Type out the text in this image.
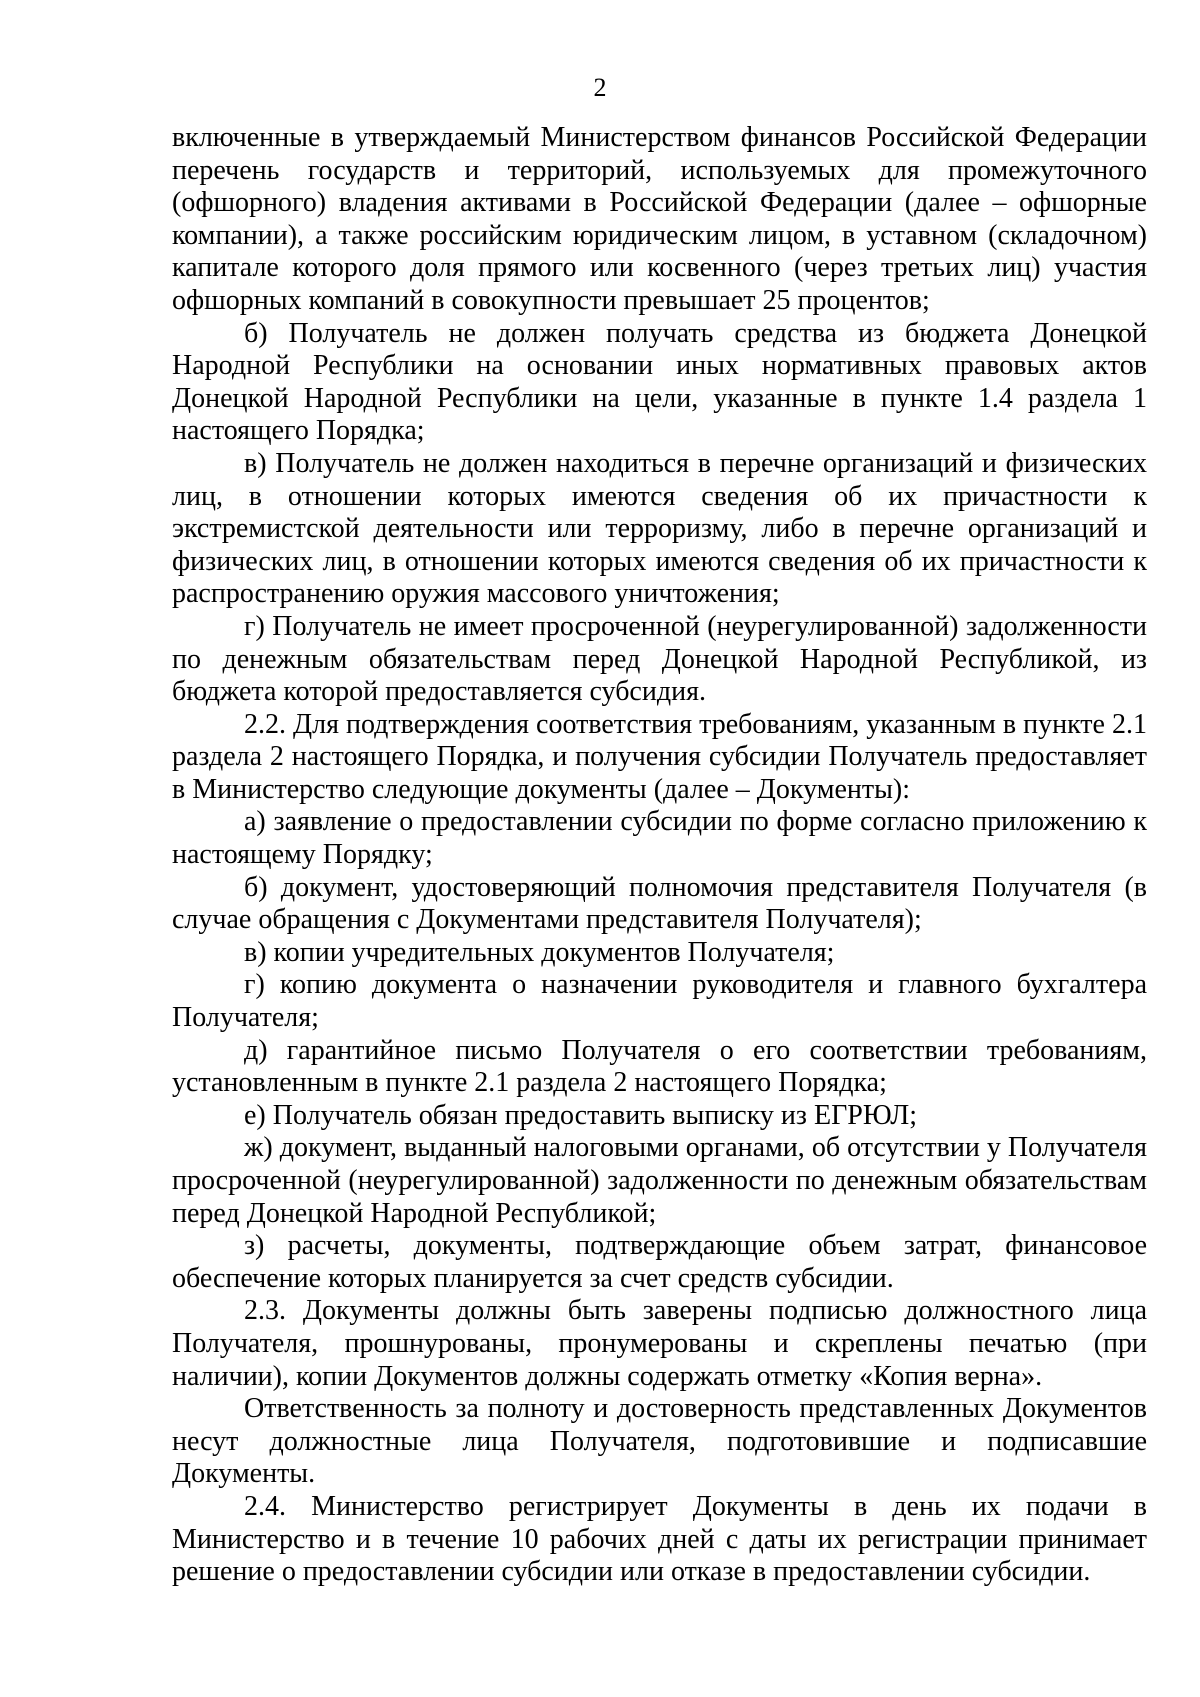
2

включенные в утверждаемый Министерством финансов Российской Федерации перечень государств и территорий, используемых для промежуточного (офшорного) владения активами в Российской Федерации (далее – офшорные компании), а также российским юридическим лицом, в уставном (складочном) капитале которого доля прямого или косвенного (через третьих лиц) участия офшорных компаний в совокупности превышает 25 процентов;

б) Получатель не должен получать средства из бюджета Донецкой Народной Республики на основании иных нормативных правовых актов Донецкой Народной Республики на цели, указанные в пункте 1.4 раздела 1 настоящего Порядка;

в) Получатель не должен находиться в перечне организаций и физических лиц, в отношении которых имеются сведения об их причастности к экстремистской деятельности или терроризму, либо в перечне организаций и физических лиц, в отношении которых имеются сведения об их причастности к распространению оружия массового уничтожения;

г) Получатель не имеет просроченной (неурегулированной) задолженности по денежным обязательствам перед Донецкой Народной Республикой, из бюджета которой предоставляется субсидия.

2.2. Для подтверждения соответствия требованиям, указанным в пункте 2.1 раздела 2 настоящего Порядка, и получения субсидии Получатель предоставляет в Министерство следующие документы (далее – Документы):

а) заявление о предоставлении субсидии по форме согласно приложению к настоящему Порядку;

б) документ, удостоверяющий полномочия представителя Получателя (в случае обращения с Документами представителя Получателя);

в) копии учредительных документов Получателя;

г) копию документа о назначении руководителя и главного бухгалтера Получателя;

д) гарантийное письмо Получателя о его соответствии требованиям, установленным в пункте 2.1 раздела 2 настоящего Порядка;

е) Получатель обязан предоставить выписку из ЕГРЮЛ;

ж) документ, выданный налоговыми органами, об отсутствии у Получателя просроченной (неурегулированной) задолженности по денежным обязательствам перед Донецкой Народной Республикой;

з) расчеты, документы, подтверждающие объем затрат, финансовое обеспечение которых планируется за счет средств субсидии.

2.3. Документы должны быть заверены подписью должностного лица Получателя, прошнурованы, пронумерованы и скреплены печатью (при наличии), копии Документов должны содержать отметку «Копия верна».

Ответственность за полноту и достоверность представленных Документов несут должностные лица Получателя, подготовившие и подписавшие Документы.

2.4. Министерство регистрирует Документы в день их подачи в Министерство и в течение 10 рабочих дней с даты их регистрации принимает решение о предоставлении субсидии или отказе в предоставлении субсидии.
